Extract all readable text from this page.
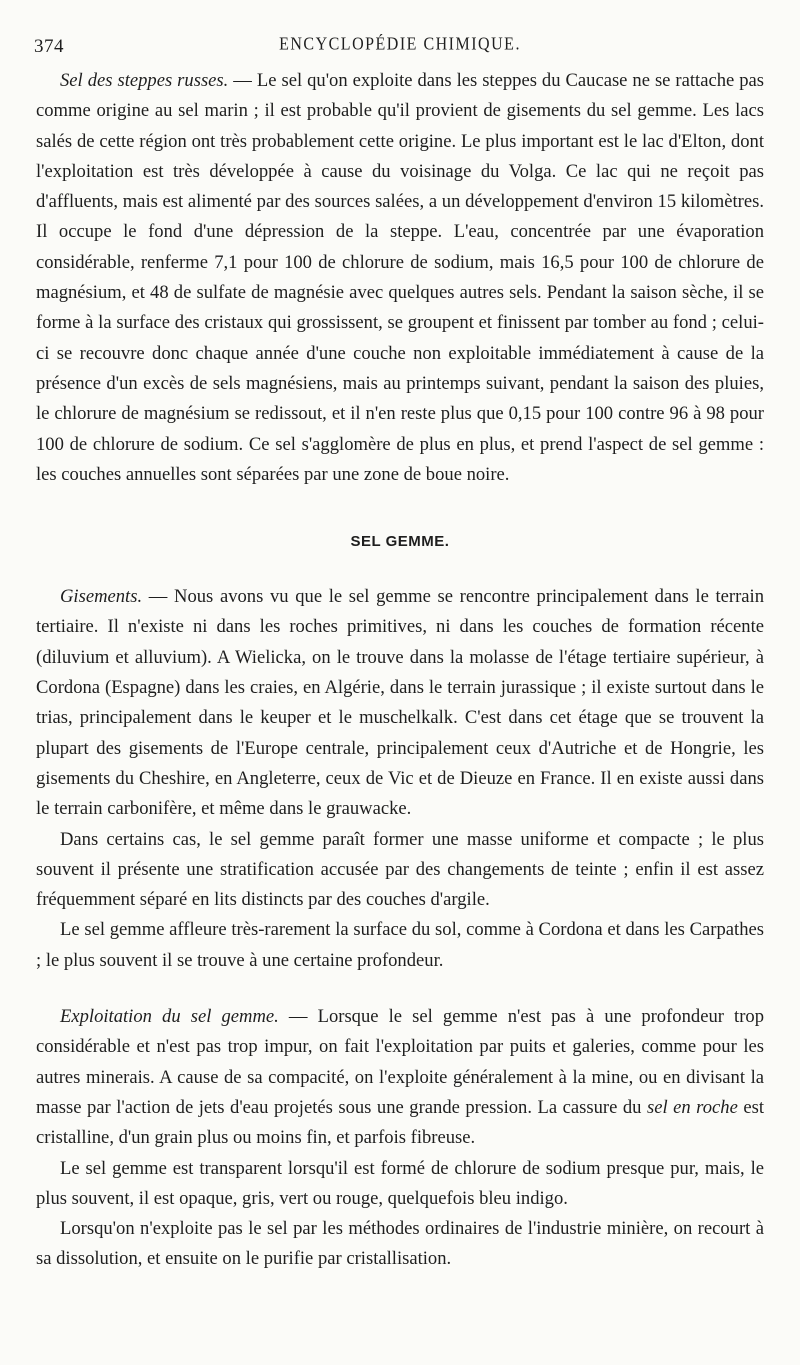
374	ENCYCLOPÉDIE CHIMIQUE.

Sel des steppes russes. — Le sel qu'on exploite dans les steppes du Caucase ne se rattache pas comme origine au sel marin ; il est probable qu'il provient de gisements du sel gemme. Les lacs salés de cette région ont très probablement cette origine. Le plus important est le lac d'Elton, dont l'exploitation est très développée à cause du voisinage du Volga. Ce lac qui ne reçoit pas d'affluents, mais est alimenté par des sources salées, a un développement d'environ 15 kilomètres. Il occupe le fond d'une dépression de la steppe. L'eau, concentrée par une évaporation considérable, renferme 7,1 pour 100 de chlorure de sodium, mais 16,5 pour 100 de chlorure de magnésium, et 48 de sulfate de magnésie avec quelques autres sels. Pendant la saison sèche, il se forme à la surface des cristaux qui grossissent, se groupent et finissent par tomber au fond ; celui-ci se recouvre donc chaque année d'une couche non exploitable immédiatement à cause de la présence d'un excès de sels magnésiens, mais au printemps suivant, pendant la saison des pluies, le chlorure de magnésium se redissout, et il n'en reste plus que 0,15 pour 100 contre 96 à 98 pour 100 de chlorure de sodium. Ce sel s'agglomère de plus en plus, et prend l'aspect de sel gemme : les couches annuelles sont séparées par une zone de boue noire.

SEL GEMME.

Gisements. — Nous avons vu que le sel gemme se rencontre principalement dans le terrain tertiaire. Il n'existe ni dans les roches primitives, ni dans les couches de formation récente (diluvium et alluvium). A Wielicka, on le trouve dans la molasse de l'étage tertiaire supérieur, à Cordona (Espagne) dans les craies, en Algérie, dans le terrain jurassique ; il existe surtout dans le trias, principalement dans le keuper et le muschelkalk. C'est dans cet étage que se trouvent la plupart des gisements de l'Europe centrale, principalement ceux d'Autriche et de Hongrie, les gisements du Cheshire, en Angleterre, ceux de Vic et de Dieuze en France. Il en existe aussi dans le terrain carbonifère, et même dans le grauwacke.

Dans certains cas, le sel gemme paraît former une masse uniforme et compacte ; le plus souvent il présente une stratification accusée par des changements de teinte ; enfin il est assez fréquemment séparé en lits distincts par des couches d'argile.

Le sel gemme affleure très-rarement la surface du sol, comme à Cordona et dans les Carpathes ; le plus souvent il se trouve à une certaine profondeur.

Exploitation du sel gemme. — Lorsque le sel gemme n'est pas à une profondeur trop considérable et n'est pas trop impur, on fait l'exploitation par puits et galeries, comme pour les autres minerais. A cause de sa compacité, on l'exploite généralement à la mine, ou en divisant la masse par l'action de jets d'eau projetés sous une grande pression. La cassure du sel en roche est cristalline, d'un grain plus ou moins fin, et parfois fibreuse.

Le sel gemme est transparent lorsqu'il est formé de chlorure de sodium presque pur, mais, le plus souvent, il est opaque, gris, vert ou rouge, quelquefois bleu indigo.

Lorsqu'on n'exploite pas le sel par les méthodes ordinaires de l'industrie minière, on recourt à sa dissolution, et ensuite on le purifie par cristallisation.
